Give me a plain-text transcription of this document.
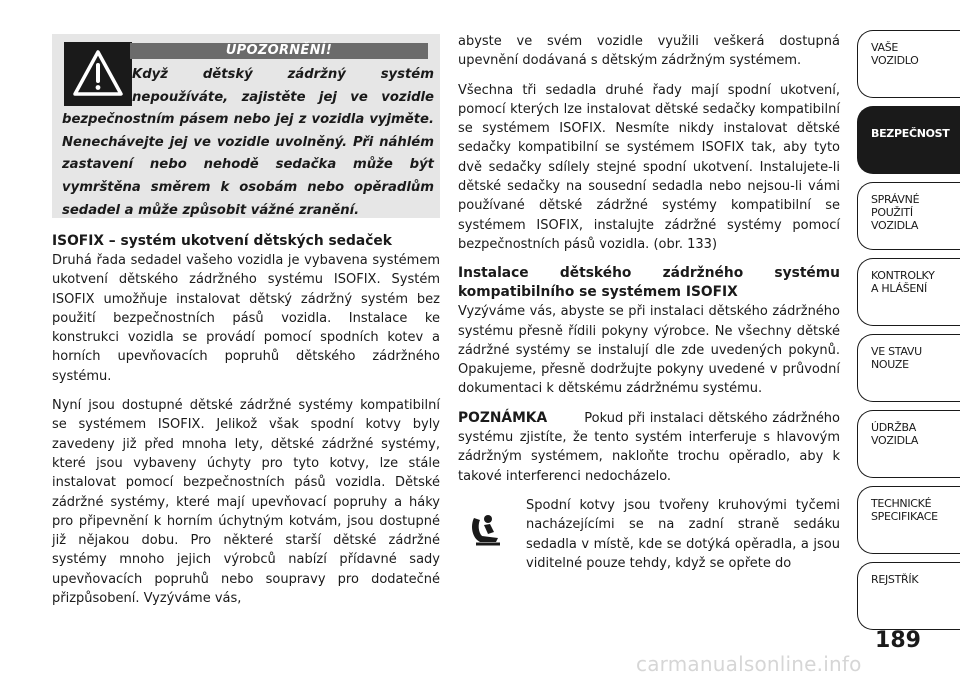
UPOZORNĚNÍ!
Když dětský zádržný systém
nepoužíváte, zajistěte jej ve vozidle
bezpečnostním pásem nebo jej z vozidla vyjměte. Nenechávejte jej ve vozidle uvolněný. Při náhlém zastavení nebo nehodě sedačka může být vymrštěna směrem k osobám nebo opěradlům sedadel a může způsobit vážné zranění.
ISOFIX – systém ukotvení dětských sedaček

Druhá řada sedadel vašeho vozidla je vybavena systémem ukotvení dětského zádržného systému ISOFIX. Systém ISOFIX umožňuje instalovat dětský zádržný systém bez použití bezpečnostních pásů vozidla. Instalace ke konstrukci vozidla se provádí pomocí spodních kotev a horních upevňovacích popruhů dětského zádržného systému.

Nyní jsou dostupné dětské zádržné systémy kompatibilní se systémem ISOFIX. Jelikož však spodní kotvy byly zavedeny již před mnoha lety, dětské zádržné systémy, které jsou vybaveny úchyty pro tyto kotvy, lze stále instalovat pomocí bezpečnostních pásů vozidla. Dětské zádržné systémy, které mají upevňovací popruhy a háky pro připevnění k horním úchytným kotvám, jsou dostupné již nějakou dobu. Pro některé starší dětské zádržné systémy mnoho jejich výrobců nabízí přídavné sady upevňovacích popruhů nebo soupravy pro dodatečné přizpůsobení. Vyzýváme vás,

abyste ve svém vozidle využili veškerá dostupná upevnění dodávaná s dětským zádržným systémem.

Všechna tři sedadla druhé řady mají spodní ukotvení, pomocí kterých lze instalovat dětské sedačky kompatibilní se systémem ISOFIX. Nesmíte nikdy instalovat dětské sedačky kompatibilní se systémem ISOFIX tak, aby tyto dvě sedačky sdílely stejné spodní ukotvení. Instalujete-li dětské sedačky na sousední sedadla nebo nejsou-li vámi používané dětské zádržné systémy kompatibilní se systémem ISOFIX, instalujte zádržné systémy pomocí bezpečnostních pásů vozidla. (obr. 133)

Instalace dětského zádržného systému kompatibilního se systémem ISOFIX

Vyzýváme vás, abyste se při instalaci dětského zádržného systému přesně řídili pokyny výrobce. Ne všechny dětské zádržné systémy se instalují dle zde uvedených pokynů. Opakujeme, přesně dodržujte pokyny uvedené v průvodní dokumentaci k dětskému zádržnému systému.

POZNÁMKA	Pokud při instalaci dětského zádržného systému zjistíte, že tento systém interferuje s hlavovým zádržným systémem, nakloňte trochu opěradlo, aby k takové interferenci nedocházelo.

Spodní kotvy jsou tvořeny kruhovými tyčemi nacházejícími se na zadní straně sedáku sedadla v místě, kde se dotýká opěradla, a jsou viditelné pouze tehdy, když se opřete do

VAŠE
VOZIDLO
BEZPEČNOST
SPRÁVNÉ
POUŽITÍ
VOZIDLA
KONTROLKY
A HLÁŠENÍ
VE STAVU
NOUZE
ÚDRŽBA
VOZIDLA
TECHNICKÉ
SPECIFIKACE
REJSTŘÍK
189
carmanualsonline.info
